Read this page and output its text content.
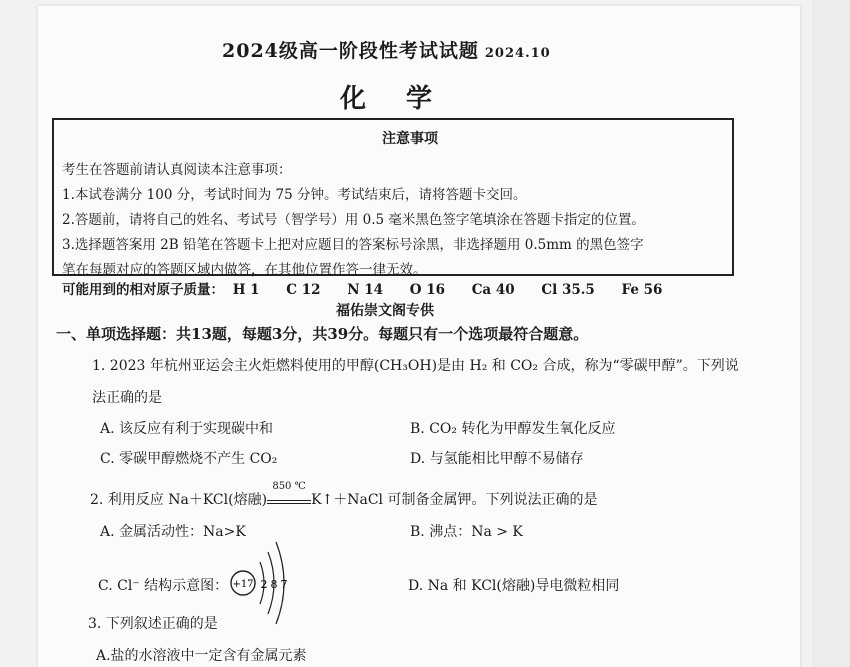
2024级高一阶段性考试试题 2024.10
化学
注意事项
考生在答题前请认真阅读本注意事项：
1.本试卷满分 100 分，考试时间为 75 分钟。考试结束后，请将答题卡交回。
2.答题前，请将自己的姓名、考试号（智学号）用 0.5 毫米黑色签字笔填涂在答题卡指定的位置。
3.选择题答案用 2B 铅笔在答题卡上把对应题目的答案标号涂黑，非选择题用 0.5mm 的黑色签字
笔在每题对应的答题区域内做答，在其他位置作答一律无效。
可能用到的相对原子质量： H 1 C 12 N 14 O 16 Ca 40 Cl 35.5 Fe 56
福佑崇文阁专供
一、单项选择题：共13题，每题3分，共39分。每题只有一个选项最符合题意。
1. 2023 年杭州亚运会主火炬燃料使用的甲醇(CH₃OH)是由 H₂ 和 CO₂ 合成，称为“零碳甲醇”。下列说
法正确的是
A. 该反应有利于实现碳中和	B. CO₂ 转化为甲醇发生氧化反应
C. 零碳甲醇燃烧不产生 CO₂	D. 与氢能相比甲醇不易储存
2. 利用反应 Na＋KCl(熔融)
850 ℃
K↑＋NaCl 可制备金属钾。下列说法正确的是
A. 金属活动性：Na>K	B. 沸点：Na > K
C. Cl⁻ 结构示意图：	D. Na 和 KCl(熔融)导电微粒相同
+17 2 8 7
3. 下列叙述正确的是
A.盐的水溶液中一定含有金属元素
